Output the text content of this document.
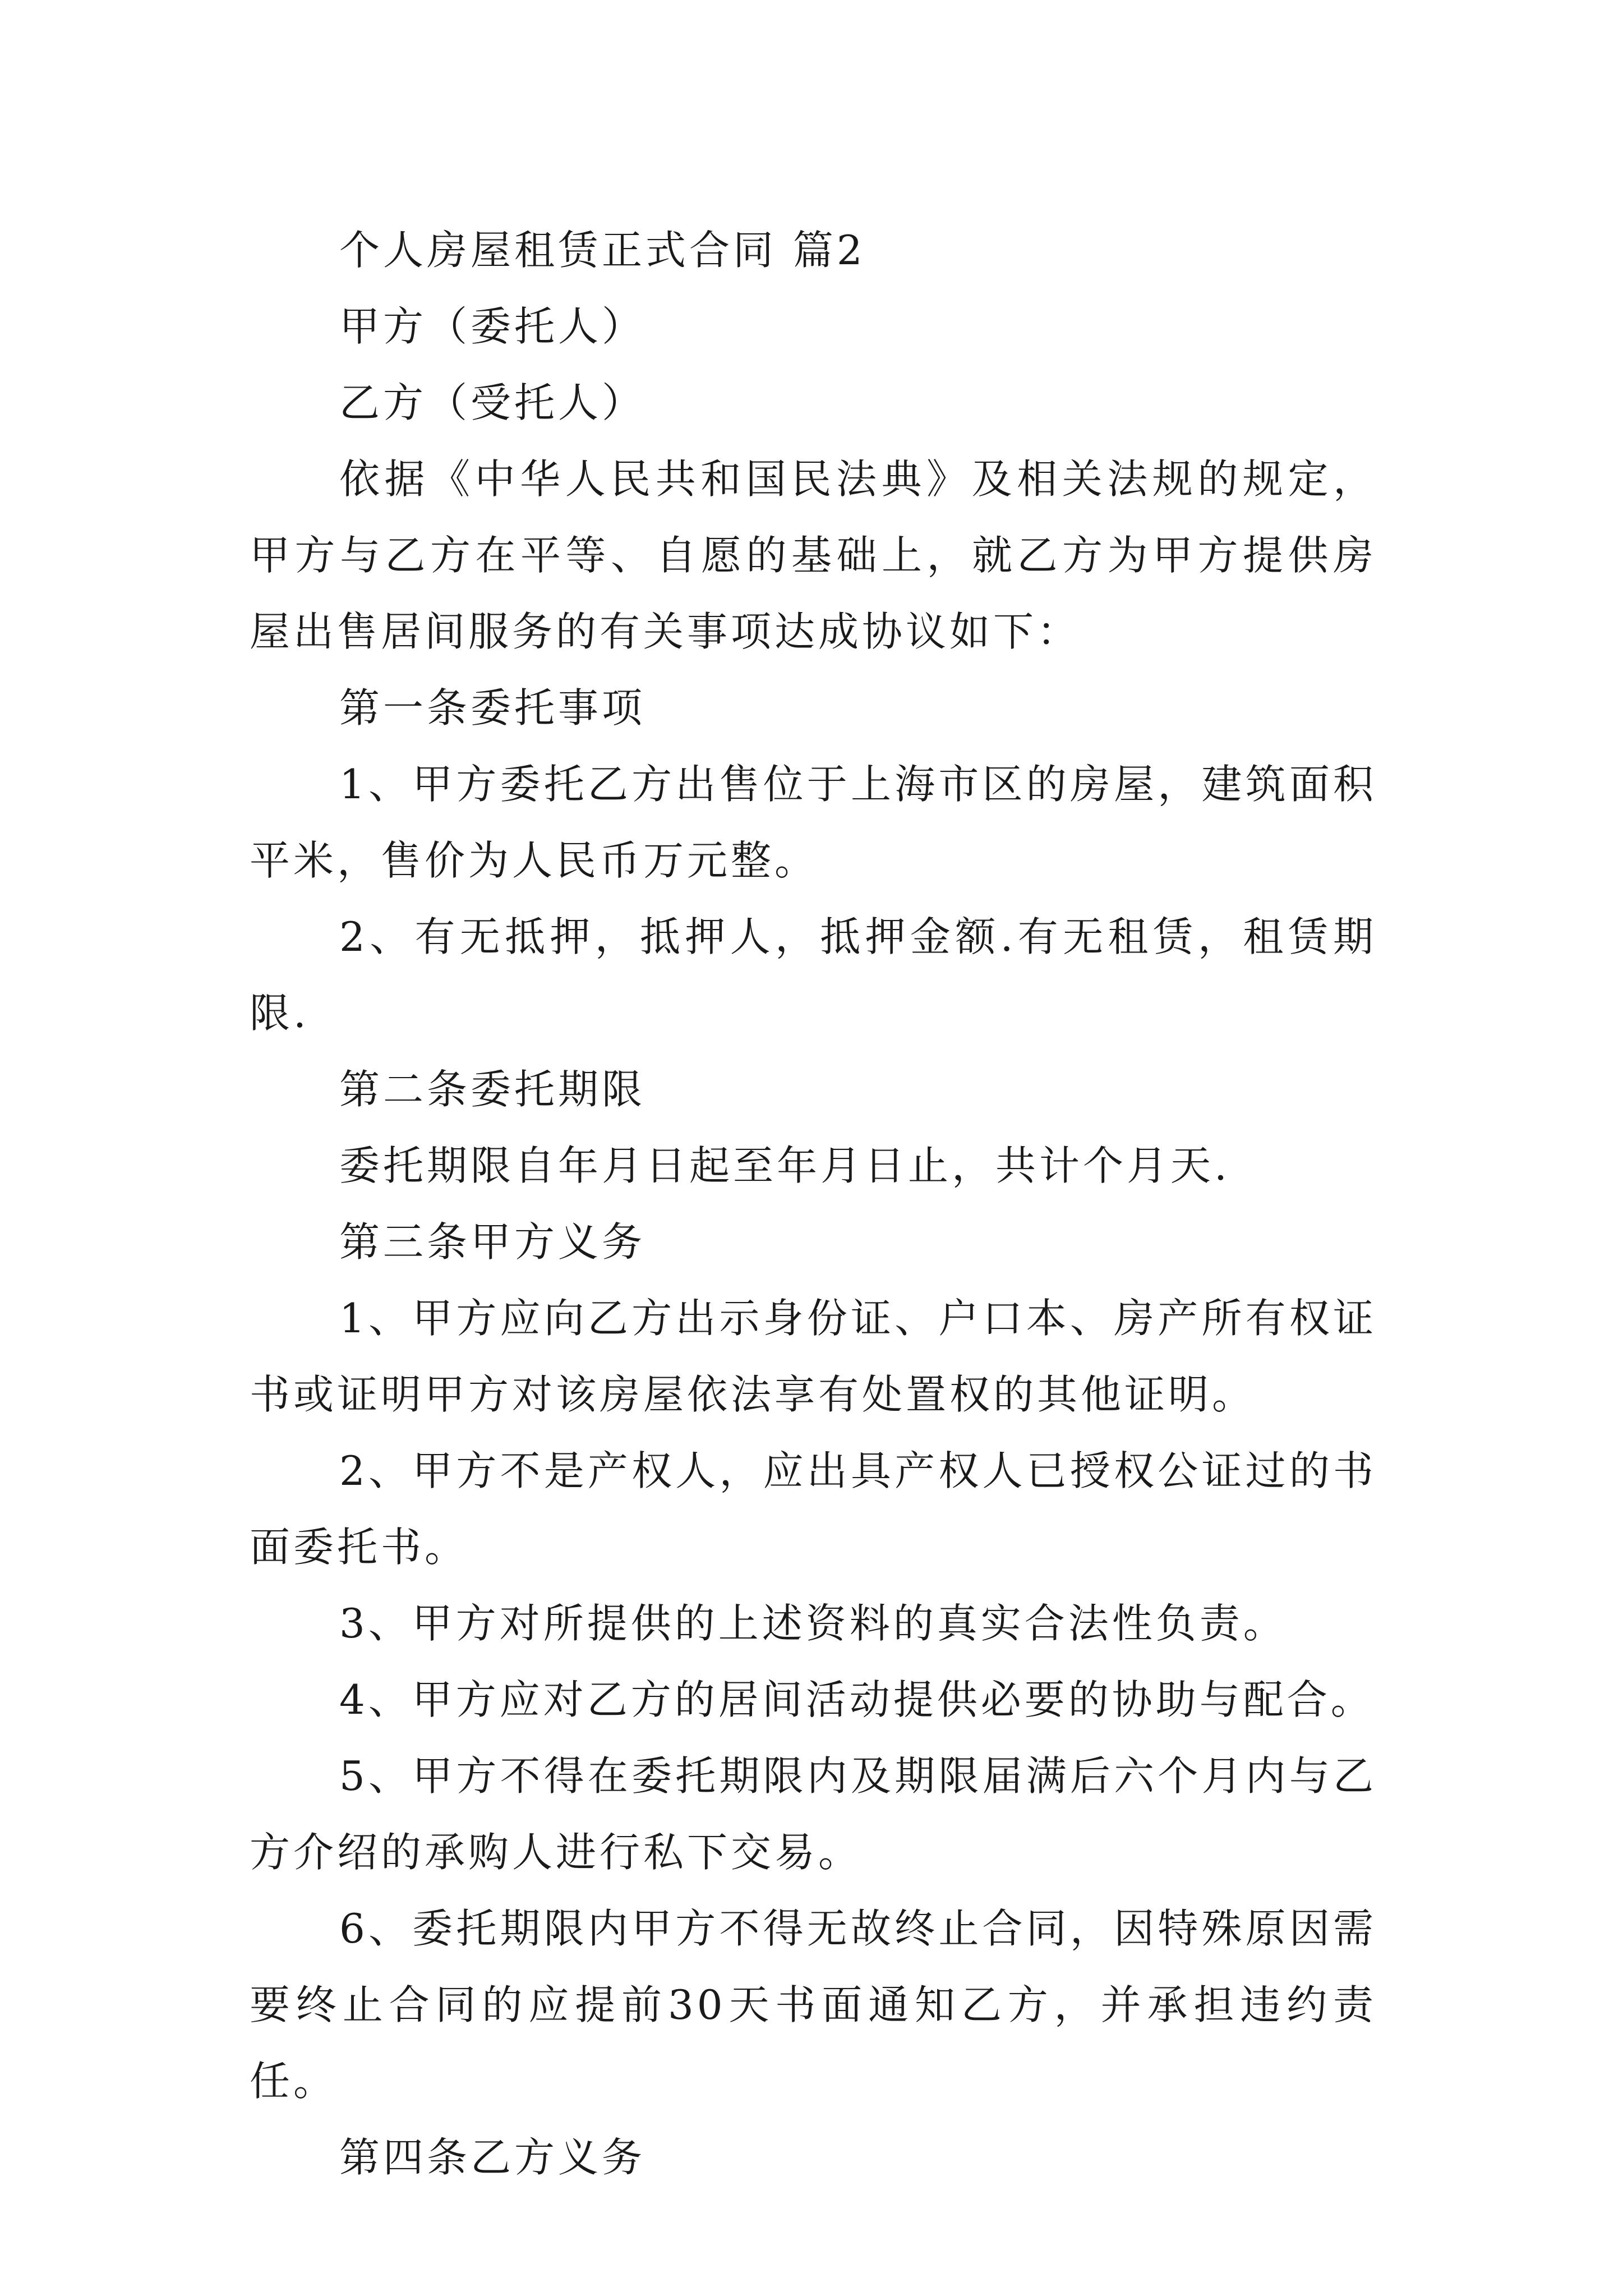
个人房屋租赁正式合同 篇2

甲方（委托人）

乙方（受托人）

依据《中华人民共和国民法典》及相关法规的规定，甲方与乙方在平等、自愿的基础上，就乙方为甲方提供房屋出售居间服务的有关事项达成协议如下：

第一条委托事项

1、甲方委托乙方出售位于上海市区的房屋，建筑面积平米，售价为人民币万元整。

2、有无抵押，抵押人，抵押金额.有无租赁，租赁期限.

第二条委托期限

委托期限自年月日起至年月日止，共计个月天.

第三条甲方义务

1、甲方应向乙方出示身份证、户口本、房产所有权证书或证明甲方对该房屋依法享有处置权的其他证明。

2、甲方不是产权人，应出具产权人已授权公证过的书面委托书。

3、甲方对所提供的上述资料的真实合法性负责。

4、甲方应对乙方的居间活动提供必要的协助与配合。

5、甲方不得在委托期限内及期限届满后六个月内与乙方介绍的承购人进行私下交易。

6、委托期限内甲方不得无故终止合同，因特殊原因需要终止合同的应提前30天书面通知乙方，并承担违约责任。

第四条乙方义务
